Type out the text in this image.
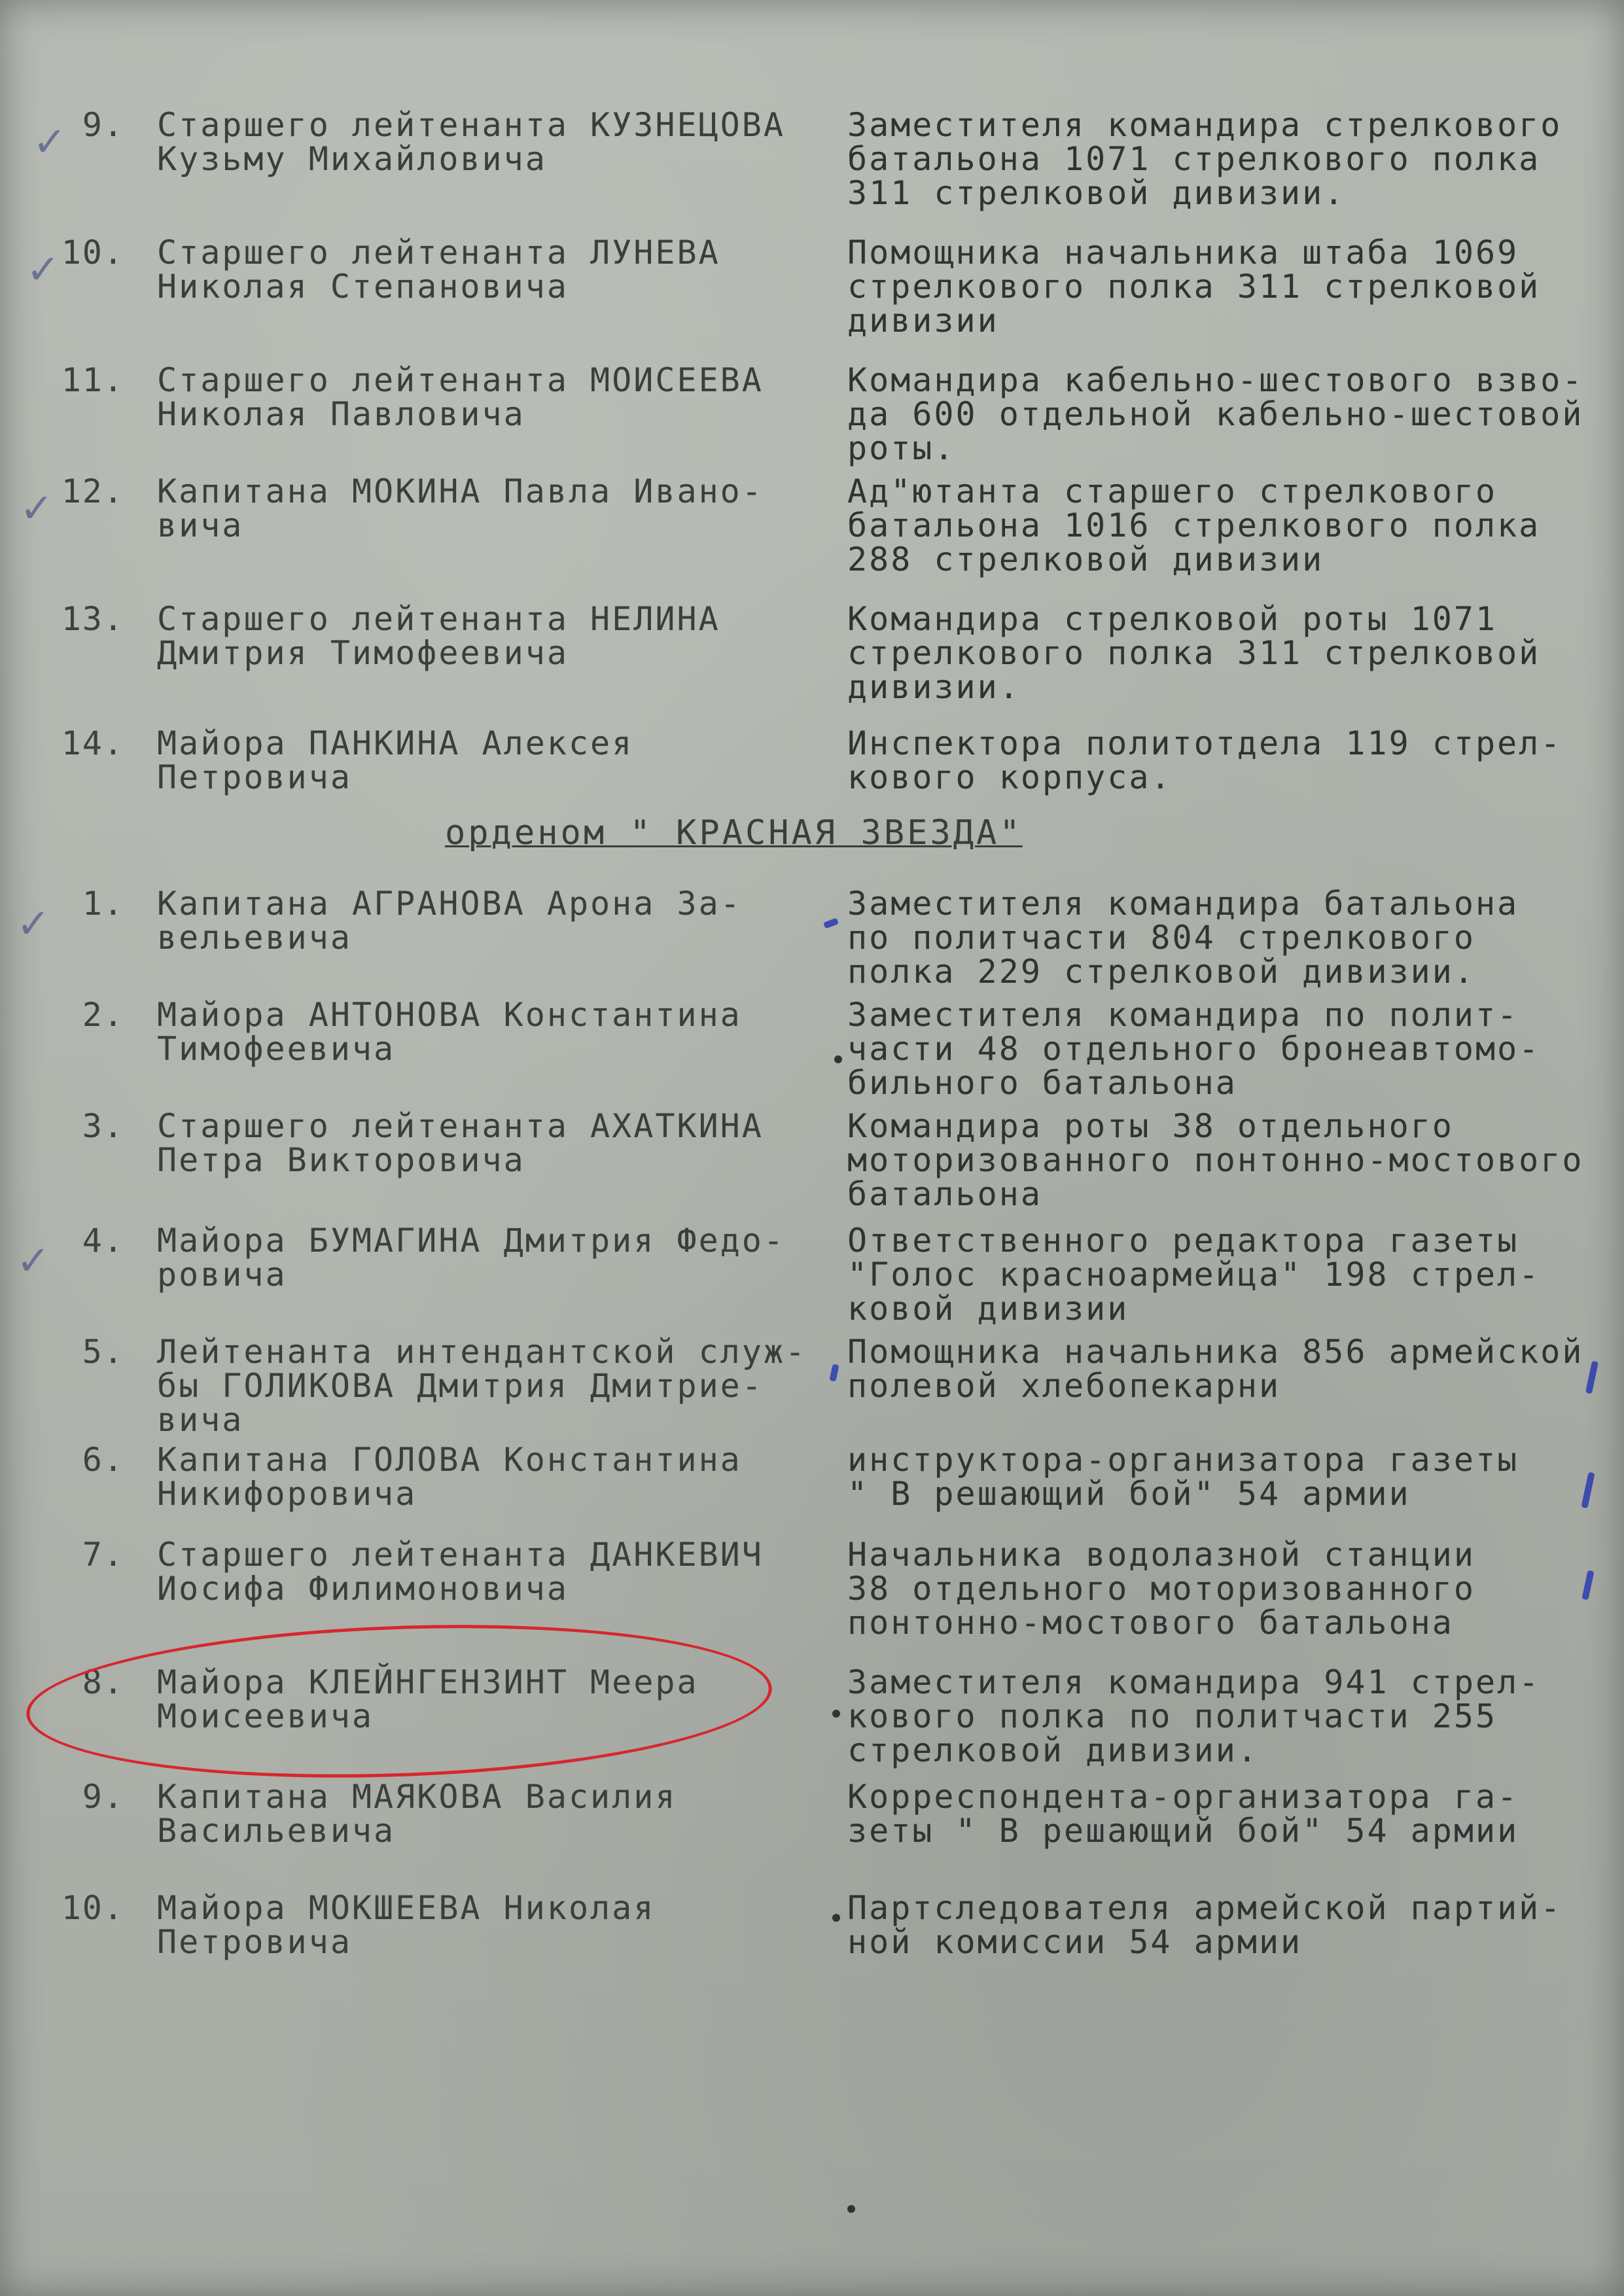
9. Старшего лейтенанта КУЗНЕЦОВА
Кузьму Михайловича
Заместителя командира стрелкового
батальона 1071 стрелкового полка
311 стрелковой дивизии.
10. Старшего лейтенанта ЛУНЕВА
Николая Степановича
Помощника начальника штаба 1069
стрелкового полка 311 стрелковой
дивизии
11. Старшего лейтенанта МОИСЕЕВА
Николая Павловича
Командира кабельно-шестового взво-
да 600 отдельной кабельно-шестовой
роты.
12. Капитана МОКИНА Павла Ивано-
вича
Ад"ютанта старшего стрелкового
батальона 1016 стрелкового полка
288 стрелковой дивизии
13. Старшего лейтенанта НЕЛИНА
Дмитрия Тимофеевича
Командира стрелковой роты 1071
стрелкового полка 311 стрелковой
дивизии.
14. Майора ПАНКИНА Алексея
Петровича
Инспектора политотдела 119 стрел-
кового корпуса.
орденом " КРАСНАЯ ЗВЕЗДА"
1. Капитана АГРАНОВА Арона За-
вельевича
Заместителя командира батальона
по политчасти 804 стрелкового
полка 229 стрелковой дивизии.
2. Майора АНТОНОВА Константина
Тимофеевича
Заместителя командира по полит-
части 48 отдельного бронеавтомо-
бильного батальона
3. Старшего лейтенанта АХАТКИНА
Петра Викторовича
Командира роты 38 отдельного
моторизованного понтонно-мостового
батальона
4. Майора БУМАГИНА Дмитрия Федо-
ровича
Ответственного редактора газеты
"Голос красноармейца" 198 стрел-
ковой дивизии
5. Лейтенанта интендантской служ-
бы ГОЛИКОВА Дмитрия Дмитрие-
вича
Помощника начальника 856 армейской
полевой хлебопекарни
6. Капитана ГОЛОВА Константина
Никифоровича
инструктора-организатора газеты
" В решающий бой" 54 армии
7. Старшего лейтенанта ДАНКЕВИЧ
Иосифа Филимоновича
Начальника водолазной станции
38 отдельного моторизованного
понтонно-мостового батальона
8. Майора КЛЕЙНГЕНЗИНТ Меера
Моисеевича
Заместителя командира 941 стрел-
кового полка по политчасти 255
стрелковой дивизии.
9. Капитана МАЯКОВА Василия
Васильевича
Корреспондента-организатора га-
зеты " В решающий бой" 54 армии
10. Майора МОКШЕЕВА Николая
Петровича
Партследователя армейской партий-
ной комиссии 54 армии
✓
✓
✓
✓
✓
